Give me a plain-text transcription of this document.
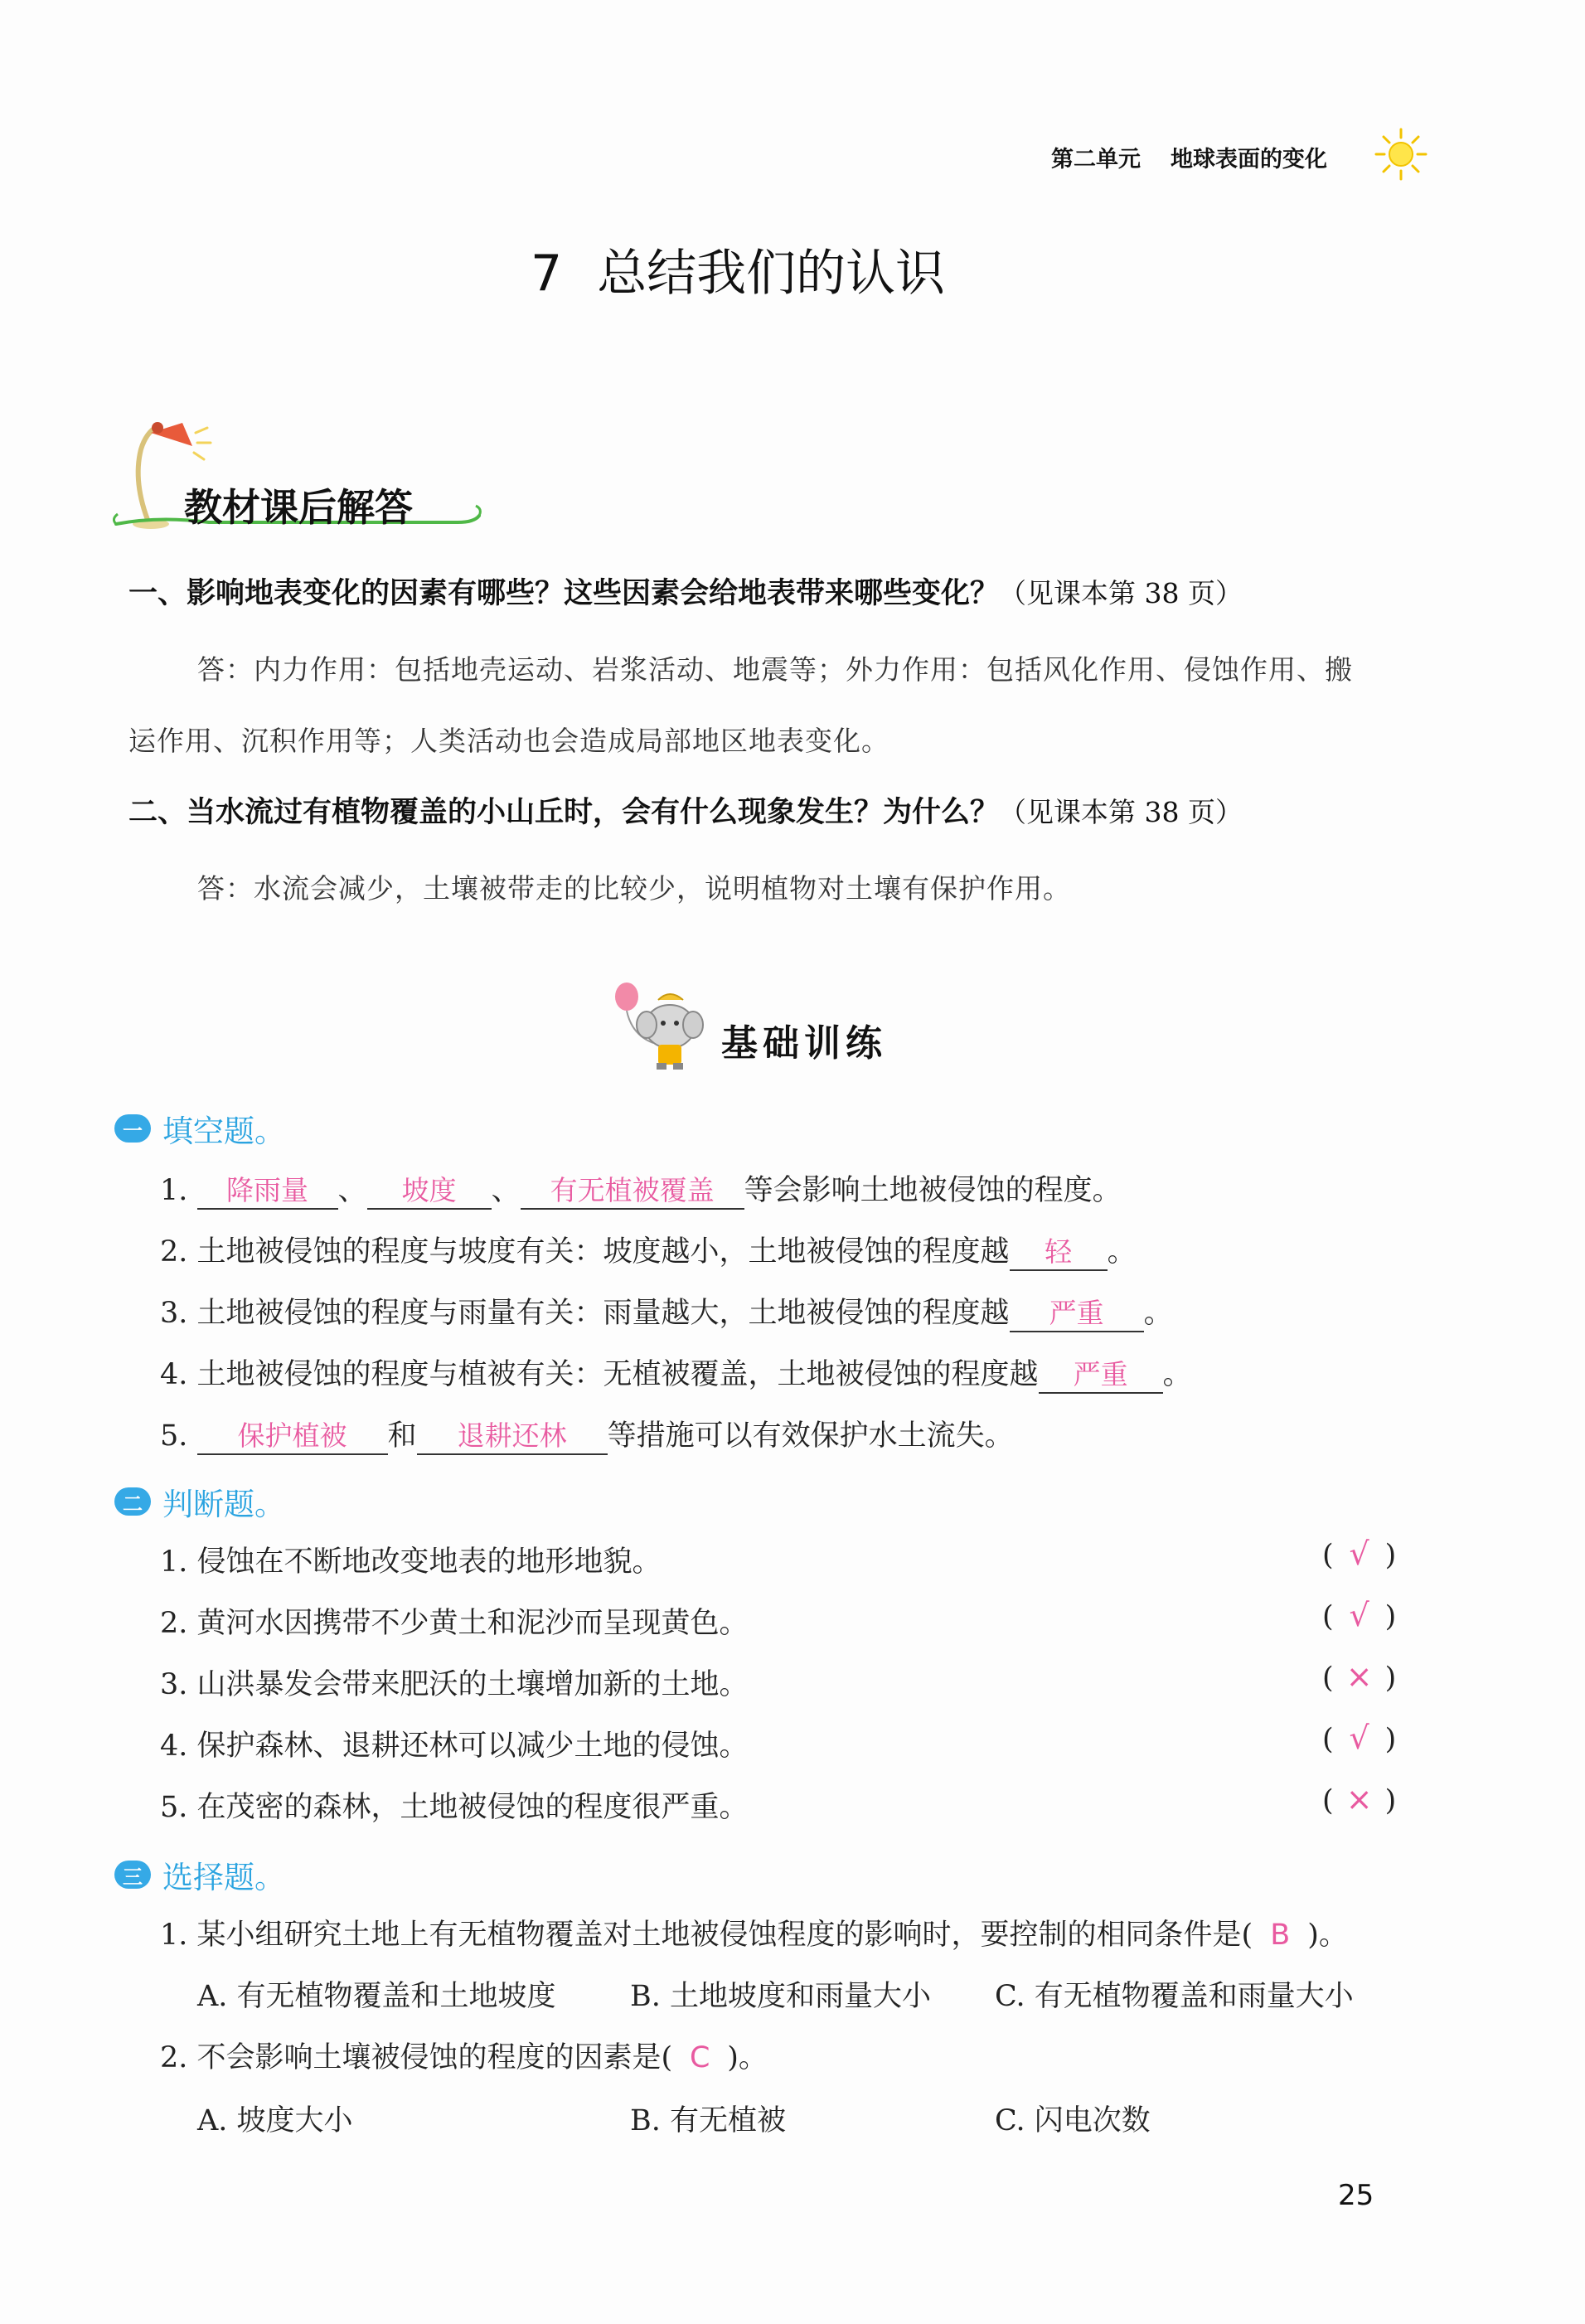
第二单元 地球表面的变化
7 总结我们的认识
教材课后解答
一、影响地表变化的因素有哪些？这些因素会给地表带来哪些变化？（见课本第 38 页）
答：内力作用：包括地壳运动、岩浆活动、地震等；外力作用：包括风化作用、侵蚀作用、搬
运作用、沉积作用等；人类活动也会造成局部地区地表变化。
二、当水流过有植物覆盖的小山丘时，会有什么现象发生？为什么？（见课本第 38 页）
答：水流会减少，土壤被带走的比较少，说明植物对土壤有保护作用。
基础训练
一 填空题。
1. 降雨量 、 坡度 、 有无植被覆盖 等会影响土地被侵蚀的程度。
2. 土地被侵蚀的程度与坡度有关：坡度越小，土地被侵蚀的程度越 轻 。
3. 土地被侵蚀的程度与雨量有关：雨量越大，土地被侵蚀的程度越 严重 。
4. 土地被侵蚀的程度与植被有关：无植被覆盖，土地被侵蚀的程度越 严重 。
5. 保护植被 和 退耕还林 等措施可以有效保护水土流失。
二 判断题。
1. 侵蚀在不断地改变地表的地形地貌。	( √ )
2. 黄河水因携带不少黄土和泥沙而呈现黄色。	( √ )
3. 山洪暴发会带来肥沃的土壤增加新的土地。	( × )
4. 保护森林、退耕还林可以减少土地的侵蚀。	( √ )
5. 在茂密的森林，土地被侵蚀的程度很严重。	( × )
三 选择题。
1. 某小组研究土地上有无植物覆盖对土地被侵蚀程度的影响时，要控制的相同条件是( B )。
A. 有无植物覆盖和土地坡度	B. 土地坡度和雨量大小 C. 有无植物覆盖和雨量大小
2. 不会影响土壤被侵蚀的程度的因素是( C )。
A. 坡度大小	B. 有无植被	C. 闪电次数
25
